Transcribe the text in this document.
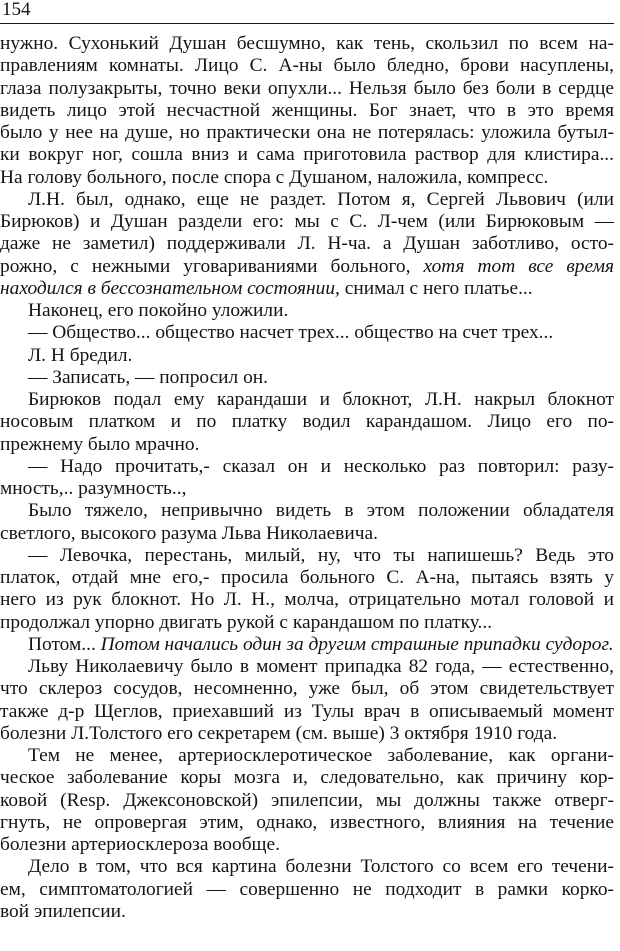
154
нужно. Сухонький Душан бесшумно, как тень, скользил по всем на-
правлениям комнаты. Лицо С. А-ны было бледно, брови насуплены,
глаза полузакрыты, точно веки опухли... Нельзя было без боли в сердце
видеть лицо этой несчастной женщины. Бог знает, что в это время
было у нее на душе, но практически она не потерялась: уложила бутыл-
ки вокруг ног, сошла вниз и сама приготовила раствор для клистира...
На голову больного, после спора с Душаном, наложила, компресс.
Л.Н. был, однако, еще не раздет. Потом я, Сергей Львович (или
Бирюков) и Душан раздели его: мы с С. Л-чем (или Бирюковым —
даже не заметил) поддерживали Л. Н-ча. а Душан заботливо, осто-
рожно, с нежными уговариваниями больного, хотя тот все время
находился в бессознательном состоянии, снимал с него платье...
Наконец, его покойно уложили.
— Общество... общество насчет трех... общество на счет трех...
Л. Н бредил.
— Записать, — попросил он.
Бирюков подал ему карандаши и блокнот, Л.Н. накрыл блокнот
носовым платком и по платку водил карандашом. Лицо его по-
прежнему было мрачно.
— Надо прочитать,- сказал он и несколько раз повторил: разу-
мность,.. разумность..,
Было тяжело, непривычно видеть в этом положении обладателя
светлого, высокого разума Льва Николаевича.
— Левочка, перестань, милый, ну, что ты напишешь? Ведь это
платок, отдай мне его,- просила больного С. А-на, пытаясь взять у
него из рук блокнот. Но Л. Н., молча, отрицательно мотал головой и
продолжал упорно двигать рукой с карандашом по платку...
Потом... Потом начались один за другим страшные припадки судорог.
Льву Николаевичу было в момент припадка 82 года, — естественно,
что склероз сосудов, несомненно, уже был, об этом свидетельствует
также д-р Щеглов, приехавший из Тулы врач в описываемый момент
болезни Л.Толстого его секретарем (см. выше) 3 октября 1910 года.
Тем не менее, артериосклеротическое заболевание, как органи-
ческое заболевание коры мозга и, следовательно, как причину кор-
ковой (Resp. Джексоновской) эпилепсии, мы должны также отверг-
гнуть, не опровергая этим, однако, известного, влияния на течение
болезни артериосклероза вообще.
Дело в том, что вся картина болезни Толстого со всем его течени-
ем, симптоматологией — совершенно не подходит в рамки корко-
вой эпилепсии.
